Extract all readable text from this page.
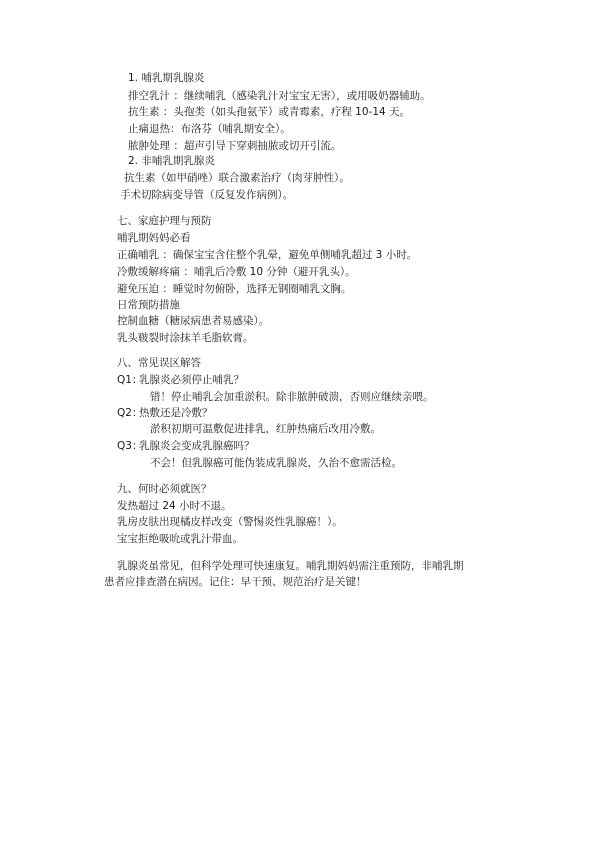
1. 哺乳期乳腺炎

排空乳汁 ：继续哺乳（感染乳汁对宝宝无害），或用吸奶器辅助。

抗生素 ：头孢类（如头孢氨苄）或青霉素，疗程 10-14 天。

止痛退热：布洛芬（哺乳期安全）。

脓肿处理 ：超声引导下穿刺抽脓或切开引流。

2. 非哺乳期乳腺炎

抗生素（如甲硝唑）联合激素治疗（肉芽肿性）。

手术切除病变导管（反复发作病例）。

七、家庭护理与预防

哺乳期妈妈必看

正确哺乳 ：确保宝宝含住整个乳晕，避免单侧哺乳超过 3 小时。

冷敷缓解疼痛 ：哺乳后冷敷 10 分钟（避开乳头）。

避免压迫 ：睡觉时勿俯卧，选择无钢圈哺乳文胸。

日常预防措施

控制血糖（糖尿病患者易感染）。

乳头皲裂时涂抹羊毛脂软膏。

八、常见误区解答

Q1：

乳腺炎必须停止哺乳？

错！停止哺乳会加重淤积。除非脓肿破溃，否则应继续亲喂。

Q2：

热敷还是冷敷？

淤积初期可温敷促进排乳，红肿热痛后改用冷敷。

Q3：

乳腺炎会变成乳腺癌吗？

不会！但乳腺癌可能伪装成乳腺炎，久治不愈需活检。

九、何时必须就医？

发热超过 24 小时不退。

乳房皮肤出现橘皮样改变（警惕炎性乳腺癌！）。

宝宝拒绝吸吮或乳汁带血。

乳腺炎虽常见，但科学处理可快速康复。哺乳期妈妈需注重预防，非哺乳期

患者应排查潜在病因。记住：早干预、规范治疗是关键！
